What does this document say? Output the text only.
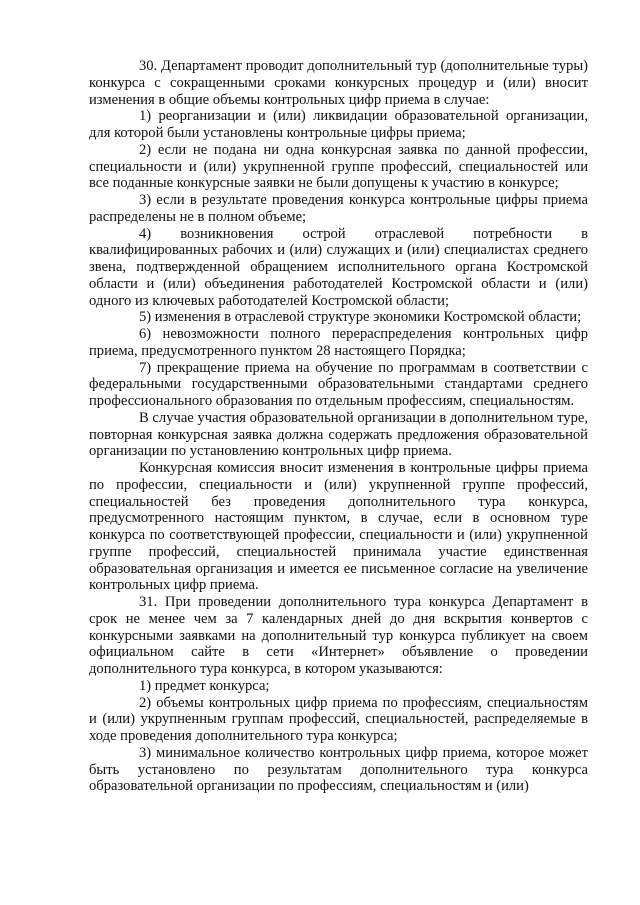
30. Департамент проводит дополнительный тур (дополнительные туры) конкурса с сокращенными сроками конкурсных процедур и (или) вносит изменения в общие объемы контрольных цифр приема в случае:

1) реорганизации и (или) ликвидации образовательной организации, для которой были установлены контрольные цифры приема;

2) если не подана ни одна конкурсная заявка по данной профессии, специальности и (или) укрупненной группе профессий, специальностей или все поданные конкурсные заявки не были допущены к участию в конкурсе;

3) если в результате проведения конкурса контрольные цифры приема распределены не в полном объеме;

4) возникновения острой отраслевой потребности в квалифицированных рабочих и (или) служащих и (или) специалистах среднего звена, подтвержденной обращением исполнительного органа Костромской области и (или) объединения работодателей Костромской области и (или) одного из ключевых работодателей Костромской области;

5) изменения в отраслевой структуре экономики Костромской области;

6) невозможности полного перераспределения контрольных цифр приема, предусмотренного пунктом 28 настоящего Порядка;

7) прекращение приема на обучение по программам в соответствии с федеральными государственными образовательными стандартами среднего профессионального образования по отдельным профессиям, специальностям.

В случае участия образовательной организации в дополнительном туре, повторная конкурсная заявка должна содержать предложения образовательной организации по установлению контрольных цифр приема.

Конкурсная комиссия вносит изменения в контрольные цифры приема по профессии, специальности и (или) укрупненной группе профессий, специальностей без проведения дополнительного тура конкурса, предусмотренного настоящим пунктом, в случае, если в основном туре конкурса по соответствующей профессии, специальности и (или) укрупненной группе профессий, специальностей принимала участие единственная образовательная организация и имеется ее письменное согласие на увеличение контрольных цифр приема.

31. При проведении дополнительного тура конкурса Департамент в срок не менее чем за 7 календарных дней до дня вскрытия конвертов с конкурсными заявками на дополнительный тур конкурса публикует на своем официальном сайте в сети «Интернет» объявление о проведении дополнительного тура конкурса, в котором указываются:

1) предмет конкурса;

2) объемы контрольных цифр приема по профессиям, специальностям и (или) укрупненным группам профессий, специальностей, распределяемые в ходе проведения дополнительного тура конкурса;

3) минимальное количество контрольных цифр приема, которое может быть установлено по результатам дополнительного тура конкурса образовательной организации по профессиям, специальностям и (или)
